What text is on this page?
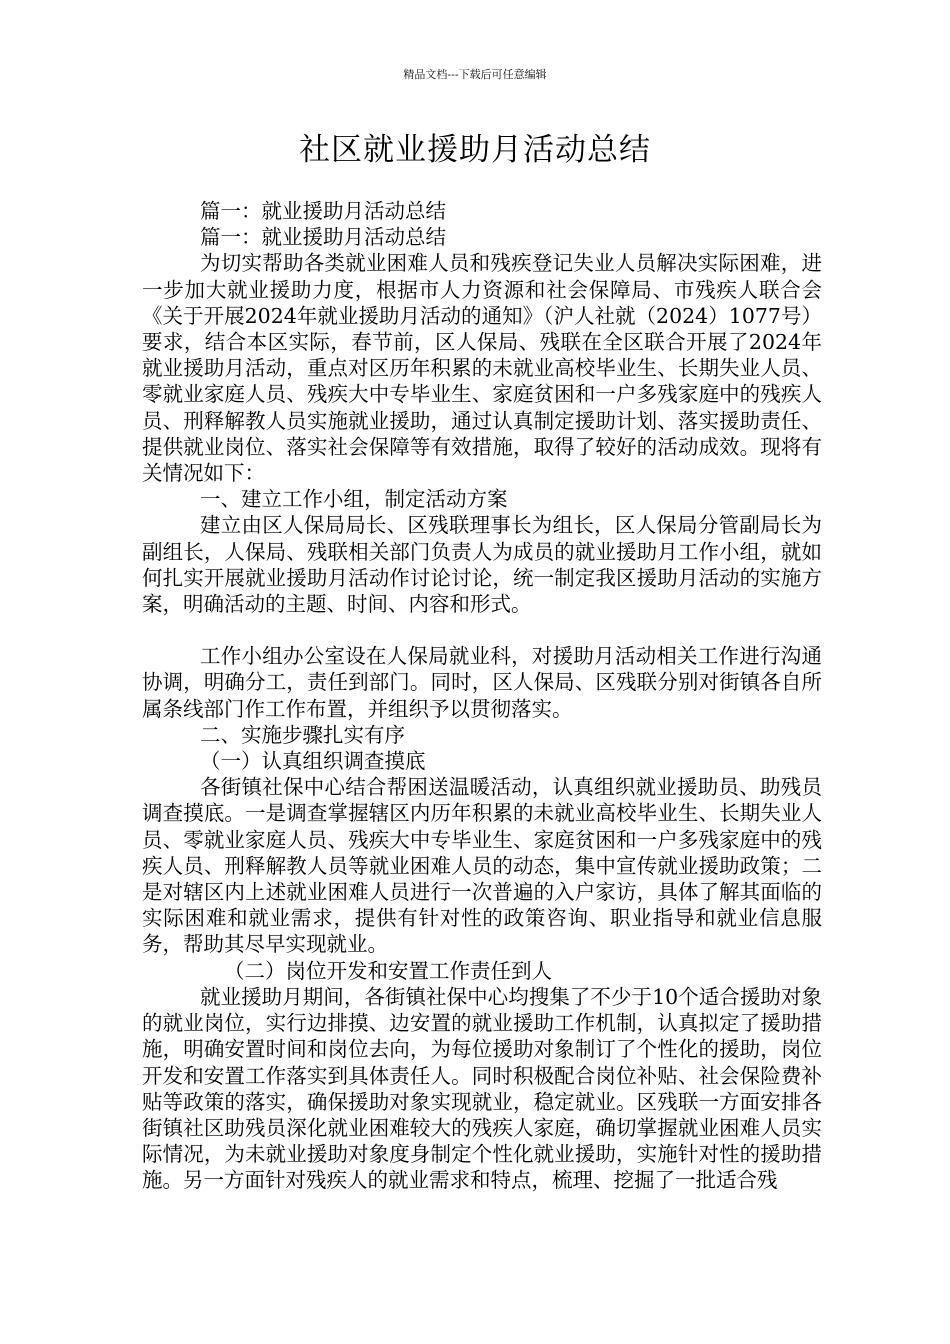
精品文档---下载后可任意编辑
社区就业援助月活动总结

篇一：就业援助月活动总结

篇一：就业援助月活动总结

为切实帮助各类就业困难人员和残疾登记失业人员解决实际困难，进一步加大就业援助力度，根据市人力资源和社会保障局、市残疾人联合会《关于开展2024年就业援助月活动的通知》（沪人社就（2024）1077号）要求，结合本区实际，春节前，区人保局、残联在全区联合开展了2024年就业援助月活动，重点对区历年积累的未就业高校毕业生、长期失业人员、零就业家庭人员、残疾大中专毕业生、家庭贫困和一户多残家庭中的残疾人员、刑释解教人员实施就业援助，通过认真制定援助计划、落实援助责任、提供就业岗位、落实社会保障等有效措施，取得了较好的活动成效。现将有关情况如下：

一、建立工作小组，制定活动方案

建立由区人保局局长、区残联理事长为组长，区人保局分管副局长为副组长，人保局、残联相关部门负责人为成员的就业援助月工作小组，就如何扎实开展就业援助月活动作讨论讨论，统一制定我区援助月活动的实施方案，明确活动的主题、时间、内容和形式。

工作小组办公室设在人保局就业科，对援助月活动相关工作进行沟通协调，明确分工，责任到部门。同时，区人保局、区残联分别对街镇各自所属条线部门作工作布置，并组织予以贯彻落实。

二、实施步骤扎实有序

（一）认真组织调查摸底

各街镇社保中心结合帮困送温暖活动，认真组织就业援助员、助残员调查摸底。一是调查掌握辖区内历年积累的未就业高校毕业生、长期失业人员、零就业家庭人员、残疾大中专毕业生、家庭贫困和一户多残家庭中的残疾人员、刑释解教人员等就业困难人员的动态，集中宣传就业援助政策；二是对辖区内上述就业困难人员进行一次普遍的入户家访，具体了解其面临的实际困难和就业需求，提供有针对性的政策咨询、职业指导和就业信息服务，帮助其尽早实现就业。

（二）岗位开发和安置工作责任到人

就业援助月期间，各街镇社保中心均搜集了不少于10个适合援助对象的就业岗位，实行边排摸、边安置的就业援助工作机制，认真拟定了援助措施，明确安置时间和岗位去向，为每位援助对象制订了个性化的援助，岗位开发和安置工作落实到具体责任人。同时积极配合岗位补贴、社会保险费补贴等政策的落实，确保援助对象实现就业，稳定就业。区残联一方面安排各街镇社区助残员深化就业困难较大的残疾人家庭，确切掌握就业困难人员实际情况，为未就业援助对象度身制定个性化就业援助，实施针对性的援助措施。另一方面针对残疾人的就业需求和特点，梳理、挖掘了一批适合残
